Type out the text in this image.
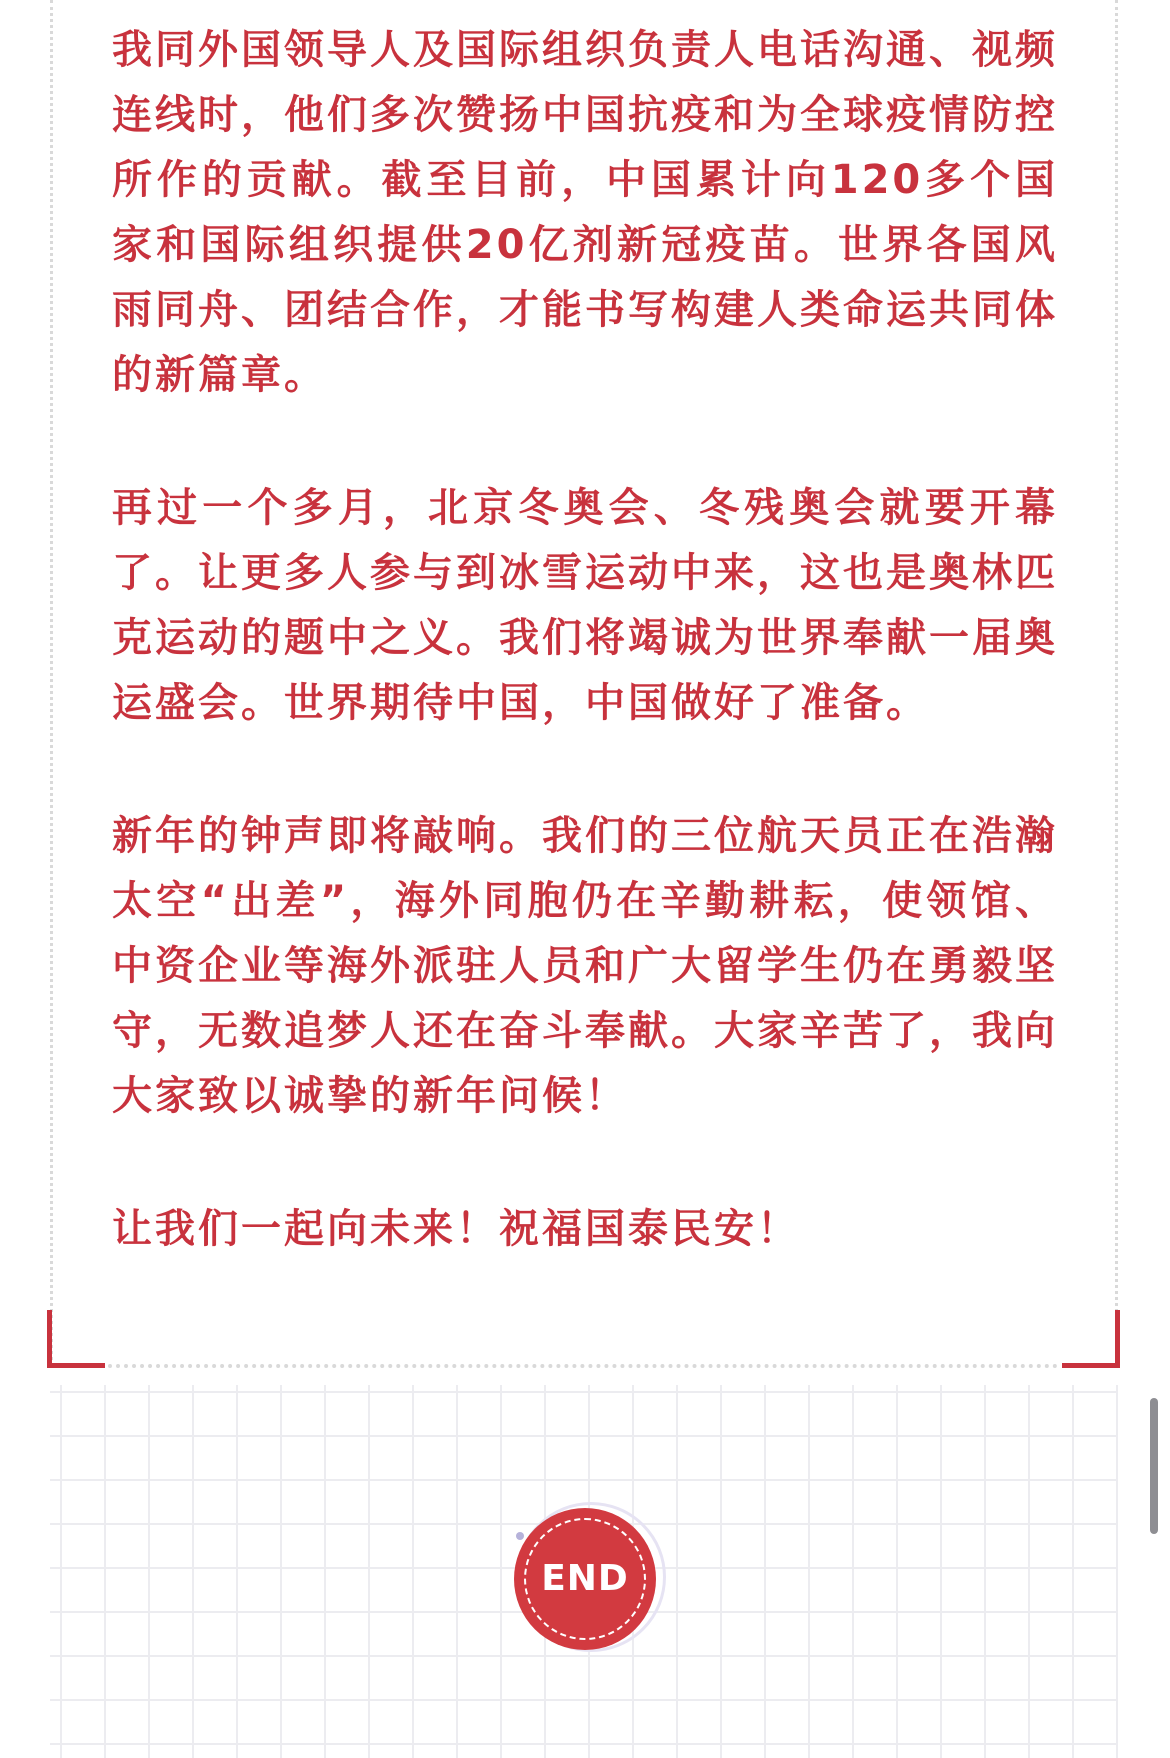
我同外国领导人及国际组织负责人电话沟通、视频连线时，他们多次赞扬中国抗疫和为全球疫情防控所作的贡献。截至目前，中国累计向120多个国家和国际组织提供20亿剂新冠疫苗。世界各国风雨同舟、团结合作，才能书写构建人类命运共同体的新篇章。

再过一个多月，北京冬奥会、冬残奥会就要开幕了。让更多人参与到冰雪运动中来，这也是奥林匹克运动的题中之义。我们将竭诚为世界奉献一届奥运盛会。世界期待中国，中国做好了准备。

新年的钟声即将敲响。我们的三位航天员正在浩瀚太空“出差”，海外同胞仍在辛勤耕耘，使领馆、中资企业等海外派驻人员和广大留学生仍在勇毅坚守，无数追梦人还在奋斗奉献。大家辛苦了，我向大家致以诚挚的新年问候！

让我们一起向未来！祝福国泰民安！

END
